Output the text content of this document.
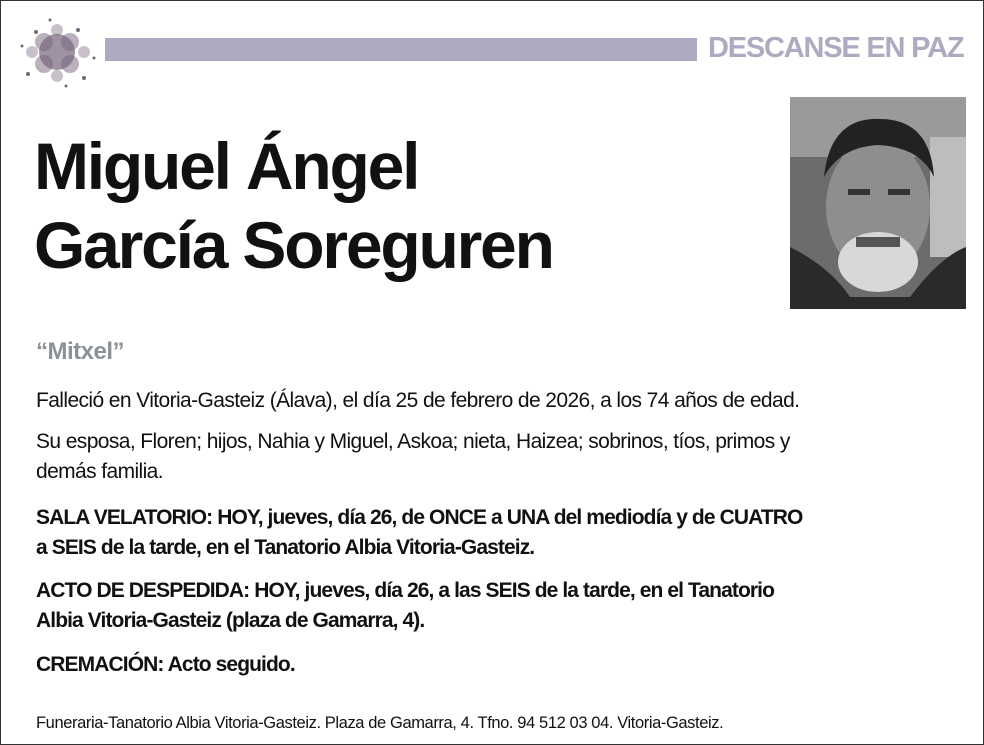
DESCANSE EN PAZ
Miguel Ángel
García Soreguren
“Mitxel”
Falleció en Vitoria-Gasteiz (Álava), el día 25 de febrero de 2026, a los 74 años de edad.
Su esposa, Floren; hijos, Nahia y Miguel, Askoa; nieta, Haizea; sobrinos, tíos, primos y
demás familia.
SALA VELATORIO: HOY, jueves, día 26, de ONCE a UNA del mediodía y de CUATRO
a SEIS de la tarde, en el Tanatorio Albia Vitoria-Gasteiz.
ACTO DE DESPEDIDA: HOY, jueves, día 26, a las SEIS de la tarde, en el Tanatorio
Albia Vitoria-Gasteiz (plaza de Gamarra, 4).
CREMACIÓN: Acto seguido.
Funeraria-Tanatorio Albia Vitoria-Gasteiz. Plaza de Gamarra, 4. Tfno. 94 512 03 04. Vitoria-Gasteiz.
